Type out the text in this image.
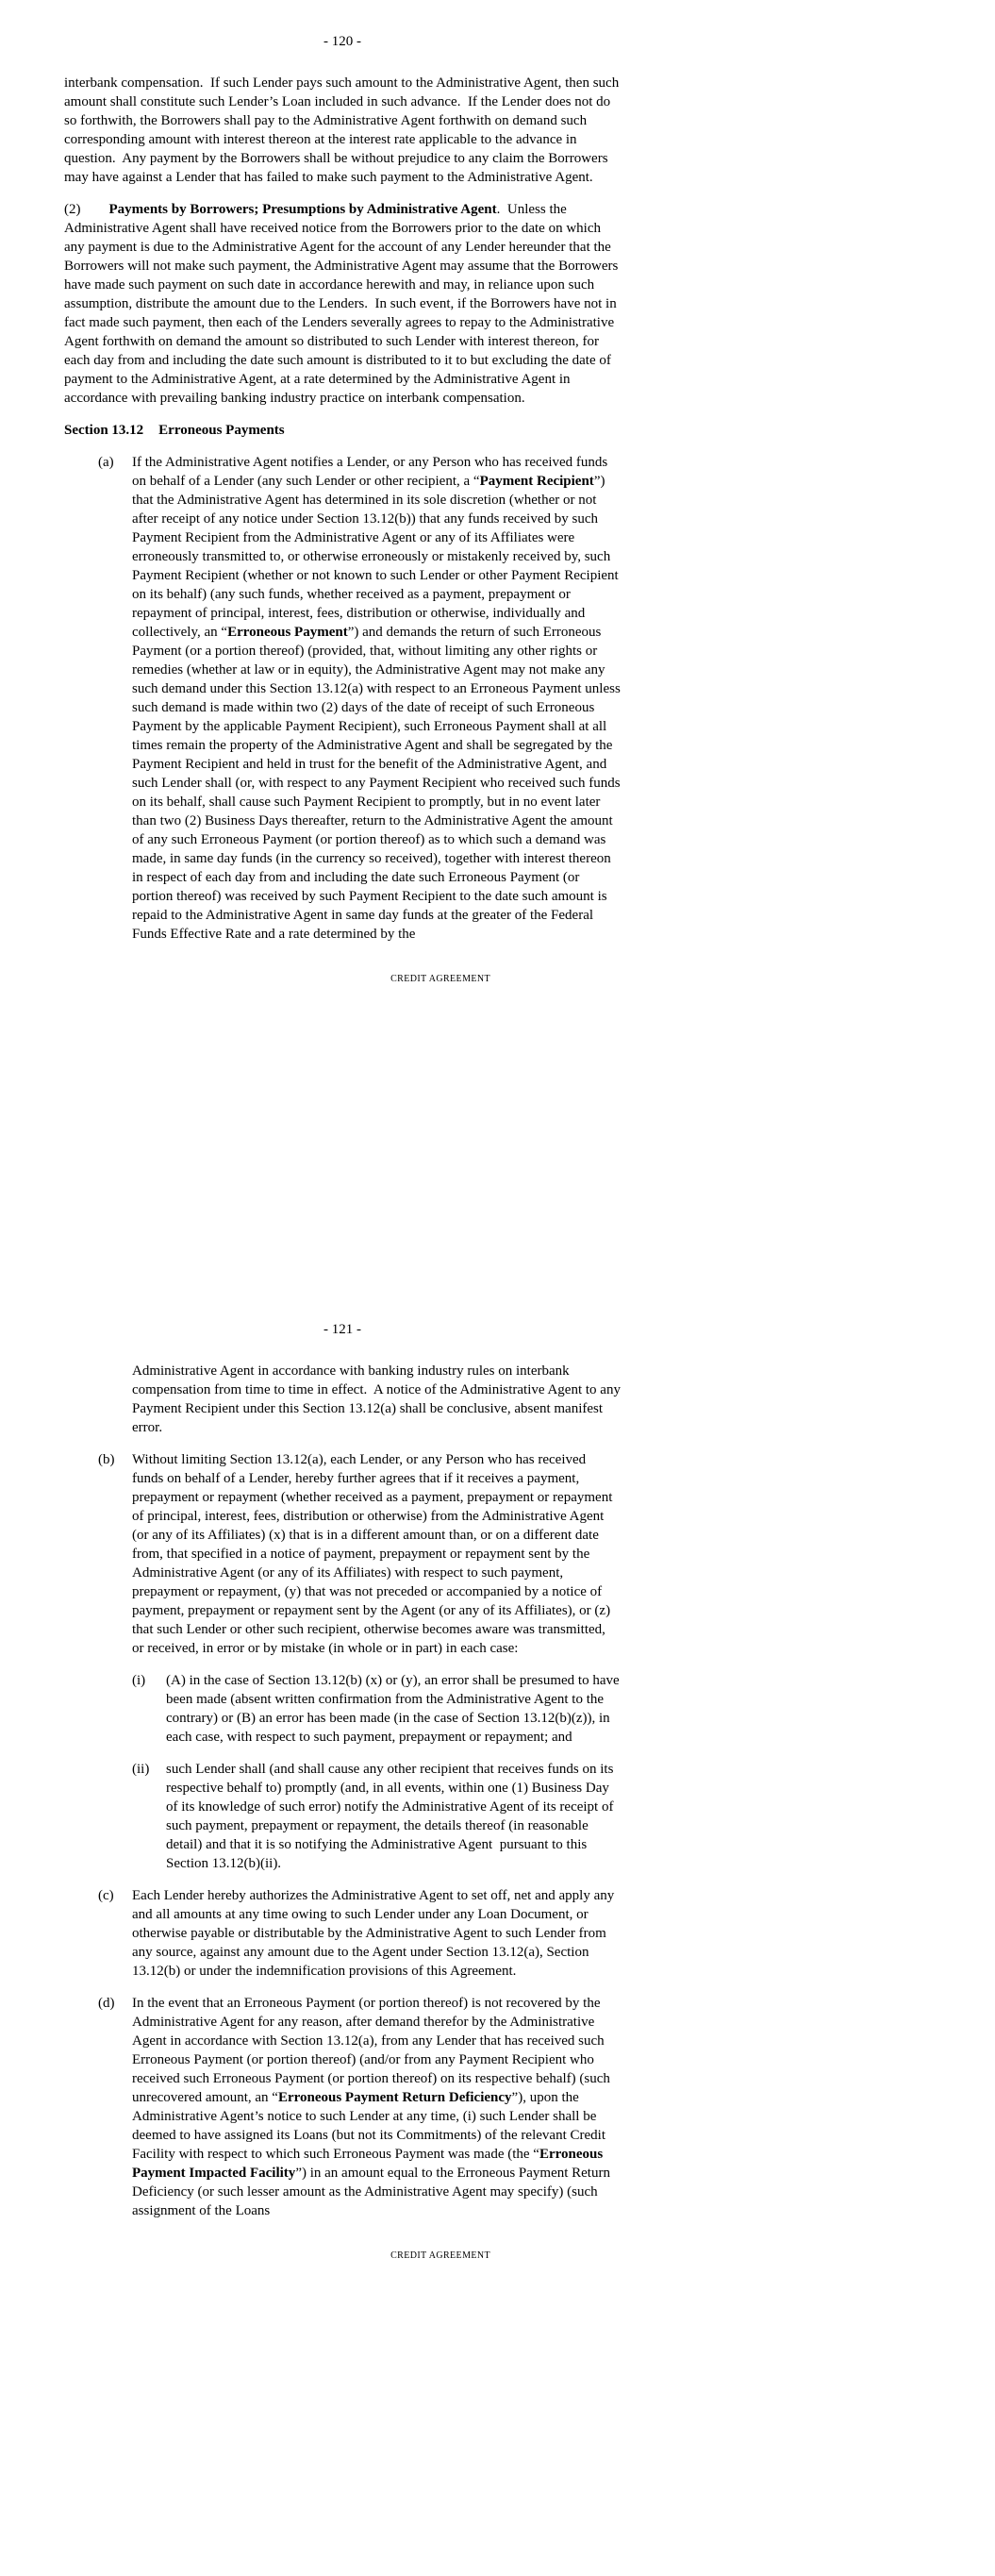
- 120 -

interbank compensation.  If such Lender pays such amount to the Administrative Agent, then such amount shall constitute such Lender’s Loan included in such advance.  If the Lender does not do so forthwith, the Borrowers shall pay to the Administrative Agent forthwith on demand such corresponding amount with interest thereon at the interest rate applicable to the advance in question.  Any payment by the Borrowers shall be without prejudice to any claim the Borrowers may have against a Lender that has failed to make such payment to the Administrative Agent.

(2) Payments by Borrowers; Presumptions by Administrative Agent.  Unless the Administrative Agent shall have received notice from the Borrowers prior to the date on which any payment is due to the Administrative Agent for the account of any Lender hereunder that the Borrowers will not make such payment, the Administrative Agent may assume that the Borrowers have made such payment on such date in accordance herewith and may, in reliance upon such assumption, distribute the amount due to the Lenders.  In such event, if the Borrowers have not in fact made such payment, then each of the Lenders severally agrees to repay to the Administrative Agent forthwith on demand the amount so distributed to such Lender with interest thereon, for each day from and including the date such amount is distributed to it to but excluding the date of payment to the Administrative Agent, at a rate determined by the Administrative Agent in accordance with prevailing banking industry practice on interbank compensation.

Section 13.12 Erroneous Payments

(a) If the Administrative Agent notifies a Lender, or any Person who has received funds on behalf of a Lender (any such Lender or other recipient, a “Payment Recipient”) that the Administrative Agent has determined in its sole discretion (whether or not after receipt of any notice under Section 13.12(b)) that any funds received by such Payment Recipient from the Administrative Agent or any of its Affiliates were erroneously transmitted to, or otherwise erroneously or mistakenly received by, such Payment Recipient (whether or not known to such Lender or other Payment Recipient on its behalf) (any such funds, whether received as a payment, prepayment or repayment of principal, interest, fees, distribution or otherwise, individually and collectively, an “Erroneous Payment”) and demands the return of such Erroneous Payment (or a portion thereof) (provided, that, without limiting any other rights or remedies (whether at law or in equity), the Administrative Agent may not make any such demand under this Section 13.12(a) with respect to an Erroneous Payment unless such demand is made within two (2) days of the date of receipt of such Erroneous Payment by the applicable Payment Recipient), such Erroneous Payment shall at all times remain the property of the Administrative Agent and shall be segregated by the Payment Recipient and held in trust for the benefit of the Administrative Agent, and such Lender shall (or, with respect to any Payment Recipient who received such funds on its behalf, shall cause such Payment Recipient to promptly, but in no event later than two (2) Business Days thereafter, return to the Administrative Agent the amount of any such Erroneous Payment (or portion thereof) as to which such a demand was made, in same day funds (in the currency so received), together with interest thereon in respect of each day from and including the date such Erroneous Payment (or portion thereof) was received by such Payment Recipient to the date such amount is repaid to the Administrative Agent in same day funds at the greater of the Federal Funds Effective Rate and a rate determined by the

CREDIT AGREEMENT
- 121 -

Administrative Agent in accordance with banking industry rules on interbank compensation from time to time in effect.  A notice of the Administrative Agent to any Payment Recipient under this Section 13.12(a) shall be conclusive, absent manifest error.

(b) Without limiting Section 13.12(a), each Lender, or any Person who has received funds on behalf of a Lender, hereby further agrees that if it receives a payment, prepayment or repayment (whether received as a payment, prepayment or repayment of principal, interest, fees, distribution or otherwise) from the Administrative Agent (or any of its Affiliates) (x) that is in a different amount than, or on a different date from, that specified in a notice of payment, prepayment or repayment sent by the Administrative Agent (or any of its Affiliates) with respect to such payment, prepayment or repayment, (y) that was not preceded or accompanied by a notice of payment, prepayment or repayment sent by the Agent (or any of its Affiliates), or (z) that such Lender or other such recipient, otherwise becomes aware was transmitted, or received, in error or by mistake (in whole or in part) in each case:

(i) (A) in the case of Section 13.12(b) (x) or (y), an error shall be presumed to have been made (absent written confirmation from the Administrative Agent to the contrary) or (B) an error has been made (in the case of Section 13.12(b)(z)), in each case, with respect to such payment, prepayment or repayment; and

(ii) such Lender shall (and shall cause any other recipient that receives funds on its respective behalf to) promptly (and, in all events, within one (1) Business Day of its knowledge of such error) notify the Administrative Agent of its receipt of such payment, prepayment or repayment, the details thereof (in reasonable detail) and that it is so notifying the Administrative Agent  pursuant to this Section 13.12(b)(ii).

(c) Each Lender hereby authorizes the Administrative Agent to set off, net and apply any and all amounts at any time owing to such Lender under any Loan Document, or otherwise payable or distributable by the Administrative Agent to such Lender from any source, against any amount due to the Agent under Section 13.12(a), Section 13.12(b) or under the indemnification provisions of this Agreement.

(d) In the event that an Erroneous Payment (or portion thereof) is not recovered by the Administrative Agent for any reason, after demand therefor by the Administrative Agent in accordance with Section 13.12(a), from any Lender that has received such Erroneous Payment (or portion thereof) (and/or from any Payment Recipient who received such Erroneous Payment (or portion thereof) on its respective behalf) (such unrecovered amount, an “Erroneous Payment Return Deficiency”), upon the Administrative Agent’s notice to such Lender at any time, (i) such Lender shall be deemed to have assigned its Loans (but not its Commitments) of the relevant Credit Facility with respect to which such Erroneous Payment was made (the “Erroneous Payment Impacted Facility”) in an amount equal to the Erroneous Payment Return Deficiency (or such lesser amount as the Administrative Agent may specify) (such assignment of the Loans

CREDIT AGREEMENT
